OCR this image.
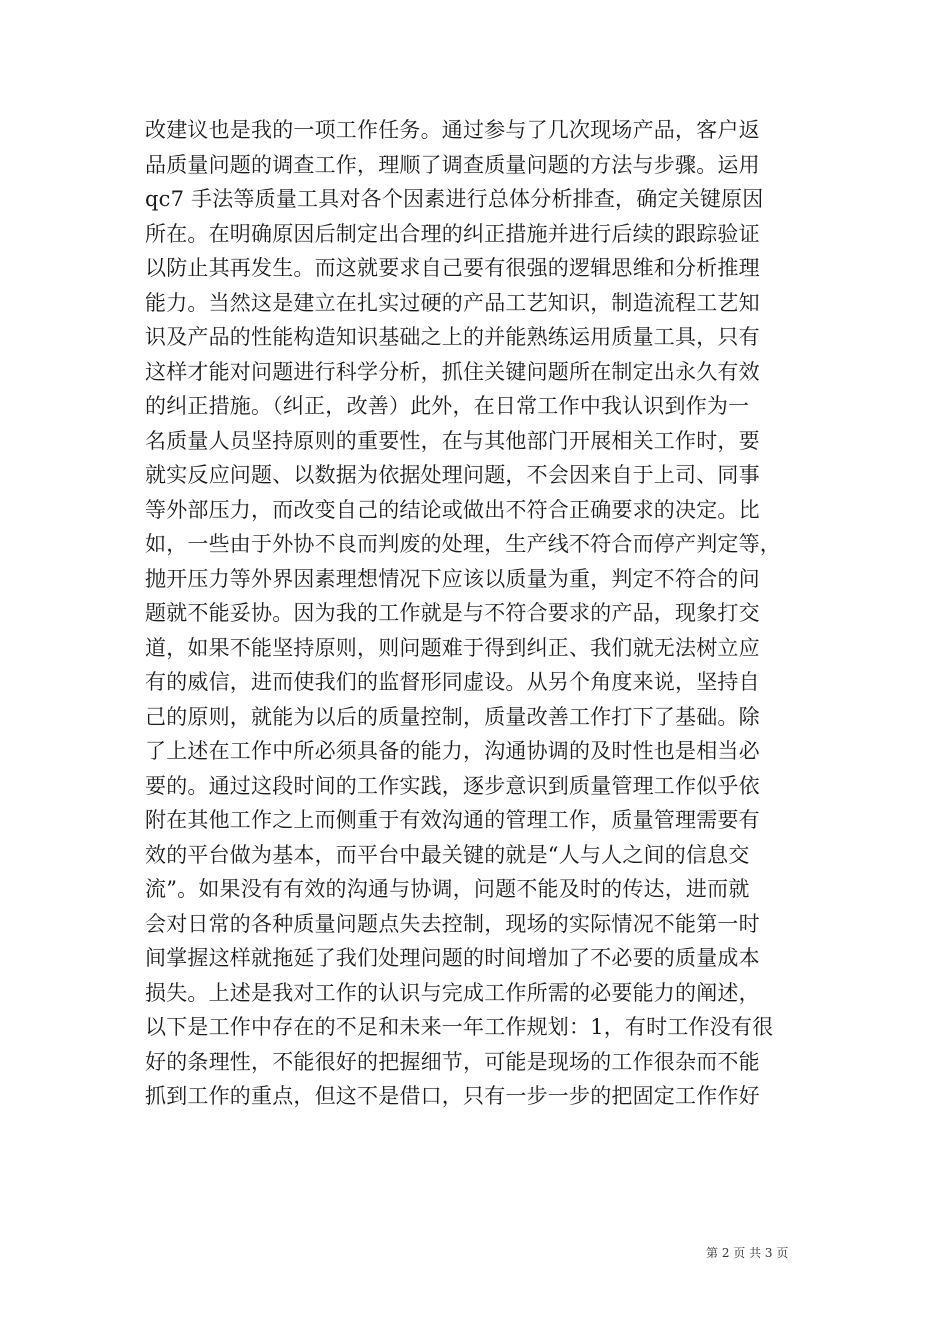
改建议也是我的一项工作任务。通过参与了几次现场产品，客户返
品质量问题的调查工作，理顺了调查质量问题的方法与步骤。运用
qc7 手法等质量工具对各个因素进行总体分析排查，确定关键原因
所在。在明确原因后制定出合理的纠正措施并进行后续的跟踪验证
以防止其再发生。而这就要求自己要有很强的逻辑思维和分析推理
能力。当然这是建立在扎实过硬的产品工艺知识，制造流程工艺知
识及产品的性能构造知识基础之上的并能熟练运用质量工具，只有
这样才能对问题进行科学分析，抓住关键问题所在制定出永久有效
的纠正措施。（纠正，改善）此外，在日常工作中我认识到作为一
名质量人员坚持原则的重要性，在与其他部门开展相关工作时，要
就实反应问题、以数据为依据处理问题，不会因来自于上司、同事
等外部压力，而改变自己的结论或做出不符合正确要求的决定。比
如，一些由于外协不良而判废的处理，生产线不符合而停产判定等，
抛开压力等外界因素理想情况下应该以质量为重，判定不符合的问
题就不能妥协。因为我的工作就是与不符合要求的产品，现象打交
道，如果不能坚持原则，则问题难于得到纠正、我们就无法树立应
有的威信，进而使我们的监督形同虚设。从另个角度来说，坚持自
己的原则，就能为以后的质量控制，质量改善工作打下了基础。除
了上述在工作中所必须具备的能力，沟通协调的及时性也是相当必
要的。通过这段时间的工作实践，逐步意识到质量管理工作似乎依
附在其他工作之上而侧重于有效沟通的管理工作，质量管理需要有
效的平台做为基本，而平台中最关键的就是“人与人之间的信息交
流”。如果没有有效的沟通与协调，问题不能及时的传达，进而就
会对日常的各种质量问题点失去控制，现场的实际情况不能第一时
间掌握这样就拖延了我们处理问题的时间增加了不必要的质量成本
损失。上述是我对工作的认识与完成工作所需的必要能力的阐述，
以下是工作中存在的不足和未来一年工作规划：1，有时工作没有很
好的条理性，不能很好的把握细节，可能是现场的工作很杂而不能
抓到工作的重点，但这不是借口，只有一步一步的把固定工作作好
第 2 页 共 3 页
